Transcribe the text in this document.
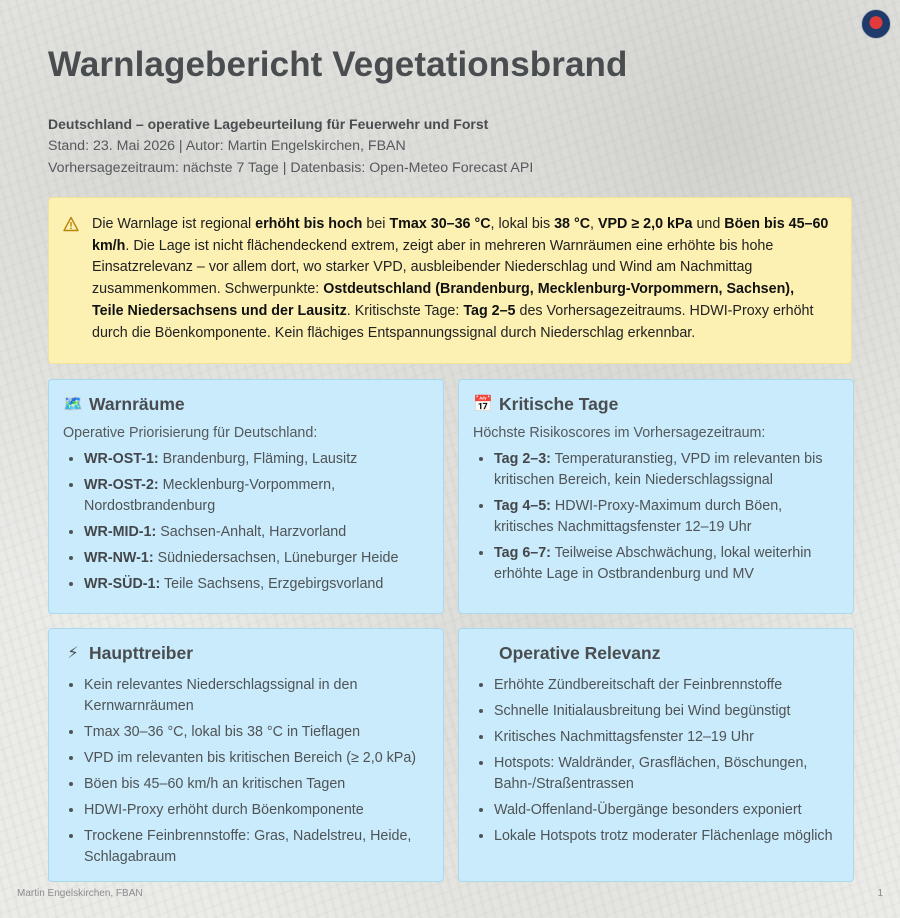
Warnlagebericht Vegetationsbrand
Deutschland – operative Lagebeurteilung für Feuerwehr und Forst
Stand: 23. Mai 2026 | Autor: Martin Engelskirchen, FBAN
Vorhersagezeitraum: nächste 7 Tage | Datenbasis: Open-Meteo Forecast API
Die Warnlage ist regional erhöht bis hoch bei Tmax 30–36 °C, lokal bis 38 °C, VPD ≥ 2,0 kPa und Böen bis 45–60 km/h. Die Lage ist nicht flächendeckend extrem, zeigt aber in mehreren Warnräumen eine erhöhte bis hohe Einsatzrelevanz – vor allem dort, wo starker VPD, ausbleibender Niederschlag und Wind am Nachmittag zusammenkommen. Schwerpunkte: Ostdeutschland (Brandenburg, Mecklenburg-Vorpommern, Sachsen), Teile Niedersachsens und der Lausitz. Kritischste Tage: Tag 2–5 des Vorhersagezeitraums. HDWI-Proxy erhöht durch die Böenkomponente. Kein flächiges Entspannungssignal durch Niederschlag erkennbar.
🗺️ Warnräume
Operative Priorisierung für Deutschland:
• WR-OST-1: Brandenburg, Fläming, Lausitz
• WR-OST-2: Mecklenburg-Vorpommern, Nordostbrandenburg
• WR-MID-1: Sachsen-Anhalt, Harzvorland
• WR-NW-1: Südniedersachsen, Lüneburger Heide
• WR-SÜD-1: Teile Sachsens, Erzgebirgsvorland
📅 Kritische Tage
Höchste Risikoscores im Vorhersagezeitraum:
• Tag 2–3: Temperaturanstieg, VPD im relevanten bis kritischen Bereich, kein Niederschlagssignal
• Tag 4–5: HDWI-Proxy-Maximum durch Böen, kritisches Nachmittagsfenster 12–19 Uhr
• Tag 6–7: Teilweise Abschwächung, lokal weiterhin erhöhte Lage in Ostbrandenburg und MV
⚡ Haupttreiber
• Kein relevantes Niederschlagssignal in den Kernwarnräumen
• Tmax 30–36 °C, lokal bis 38 °C in Tieflagen
• VPD im relevanten bis kritischen Bereich (≥ 2,0 kPa)
• Böen bis 45–60 km/h an kritischen Tagen
• HDWI-Proxy erhöht durch Böenkomponente
• Trockene Feinbrennstoffe: Gras, Nadelstreu, Heide, Schlagabraum
Operative Relevanz
• Erhöhte Zündbereitschaft der Feinbrennstoffe
• Schnelle Initialausbreitung bei Wind begünstigt
• Kritisches Nachmittagsfenster 12–19 Uhr
• Hotspots: Waldränder, Grasflächen, Böschungen, Bahn-/Straßentrassen
• Wald-Offenland-Übergänge besonders exponiert
• Lokale Hotspots trotz moderater Flächenlage möglich
Martin Engelskirchen, FBAN	1
